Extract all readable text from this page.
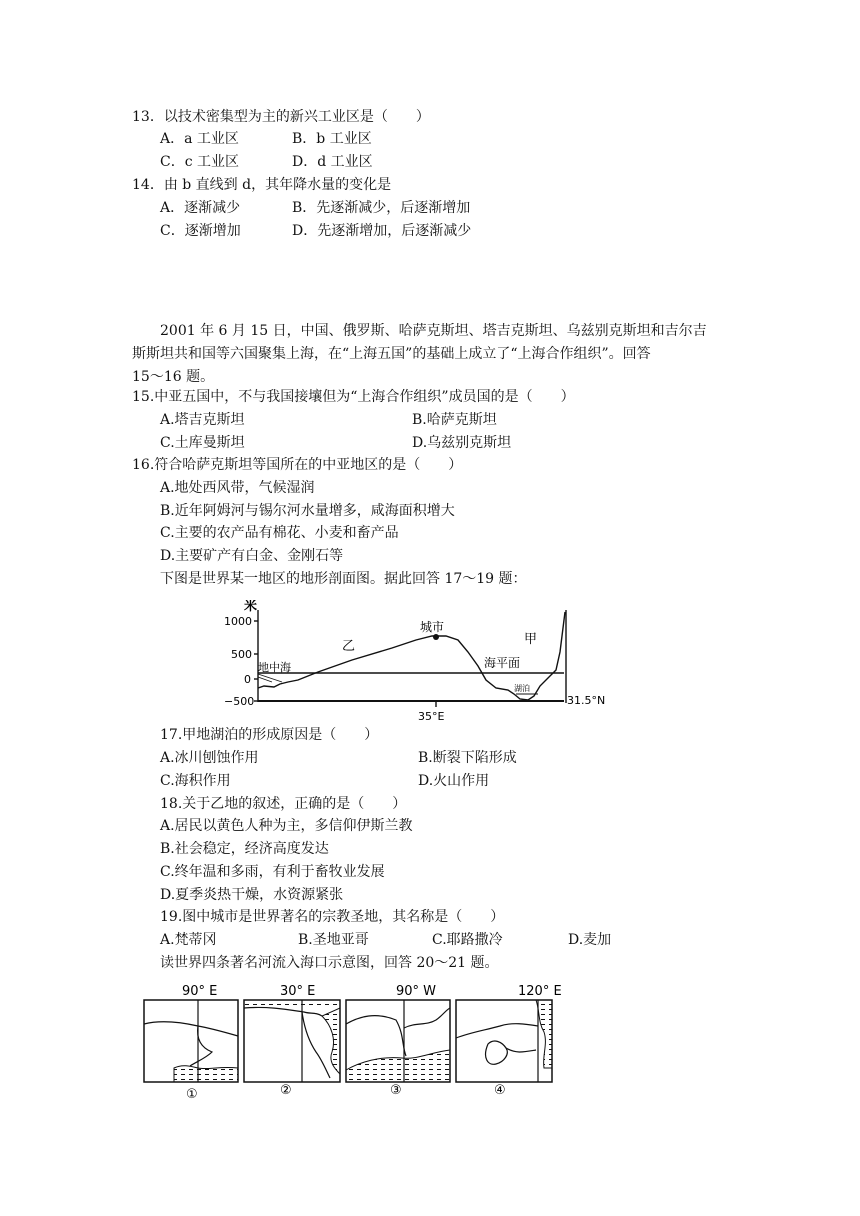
13．以技术密集型为主的新兴工业区是（　　）
A．a 工业区	B．b 工业区
C．c 工业区	D．d 工业区
14．由 b 直线到 d，其年降水量的变化是
A．逐渐减少	B．先逐渐减少，后逐渐增加
C．逐渐增加	D．先逐渐增加，后逐渐减少
2001 年 6 月 15 日，中国、俄罗斯、哈萨克斯坦、塔吉克斯坦、乌兹别克斯坦和吉尔吉
斯斯坦共和国等六国聚集上海，在“上海五国”的基础上成立了“上海合作组织”。回答
15～16 题。
15.中亚五国中，不与我国接壤但为“上海合作组织”成员国的是（　　）
A.塔吉克斯坦	B.哈萨克斯坦
C.土库曼斯坦	D.乌兹别克斯坦
16.符合哈萨克斯坦等国所在的中亚地区的是（　　）
A.地处西风带，气候湿润
B.近年阿姆河与锡尔河水量增多，咸海面积增大
C.主要的农产品有棉花、小麦和畜产品
D.主要矿产有白金、金刚石等
下图是世界某一地区的地形剖面图。据此回答 17～19 题：
米
1000
500
0
−500
城市
乙	甲
地中海	海平面
湖泊
35°E
31.5°N
17.甲地湖泊的形成原因是（　　）
A.冰川刨蚀作用	B.断裂下陷形成
C.海积作用	D.火山作用
18.关于乙地的叙述，正确的是（　　）
A.居民以黄色人种为主，多信仰伊斯兰教
B.社会稳定，经济高度发达
C.终年温和多雨，有利于畜牧业发展
D.夏季炎热干燥，水资源紧张
19.图中城市是世界著名的宗教圣地，其名称是（　　）
A.梵蒂冈	B.圣地亚哥	C.耶路撒冷	D.麦加
读世界四条著名河流入海口示意图，回答 20～21 题。
90° E
①
30° E
②
90° W
③
120° E
④
